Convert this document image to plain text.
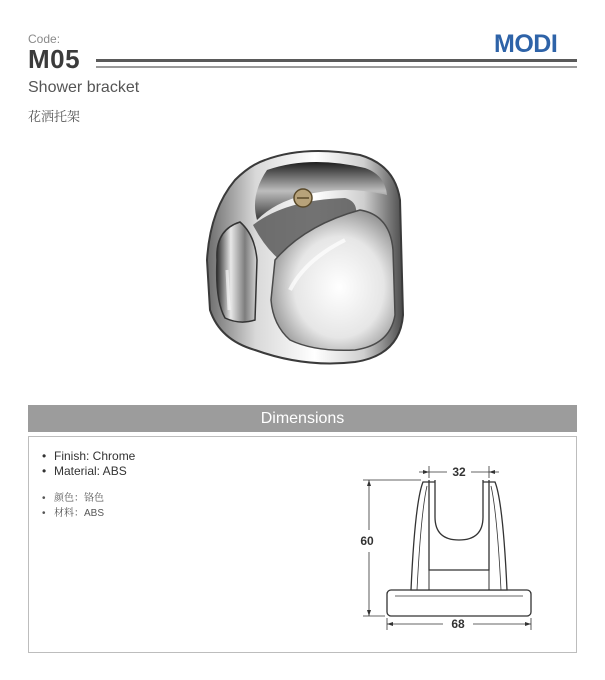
Code:
M05	MODI
Shower bracket
花洒托架
Dimensions
• Finish: Chrome
• Material: ABS
• 颜色：铬色
• 材料：ABS
32
60
68
